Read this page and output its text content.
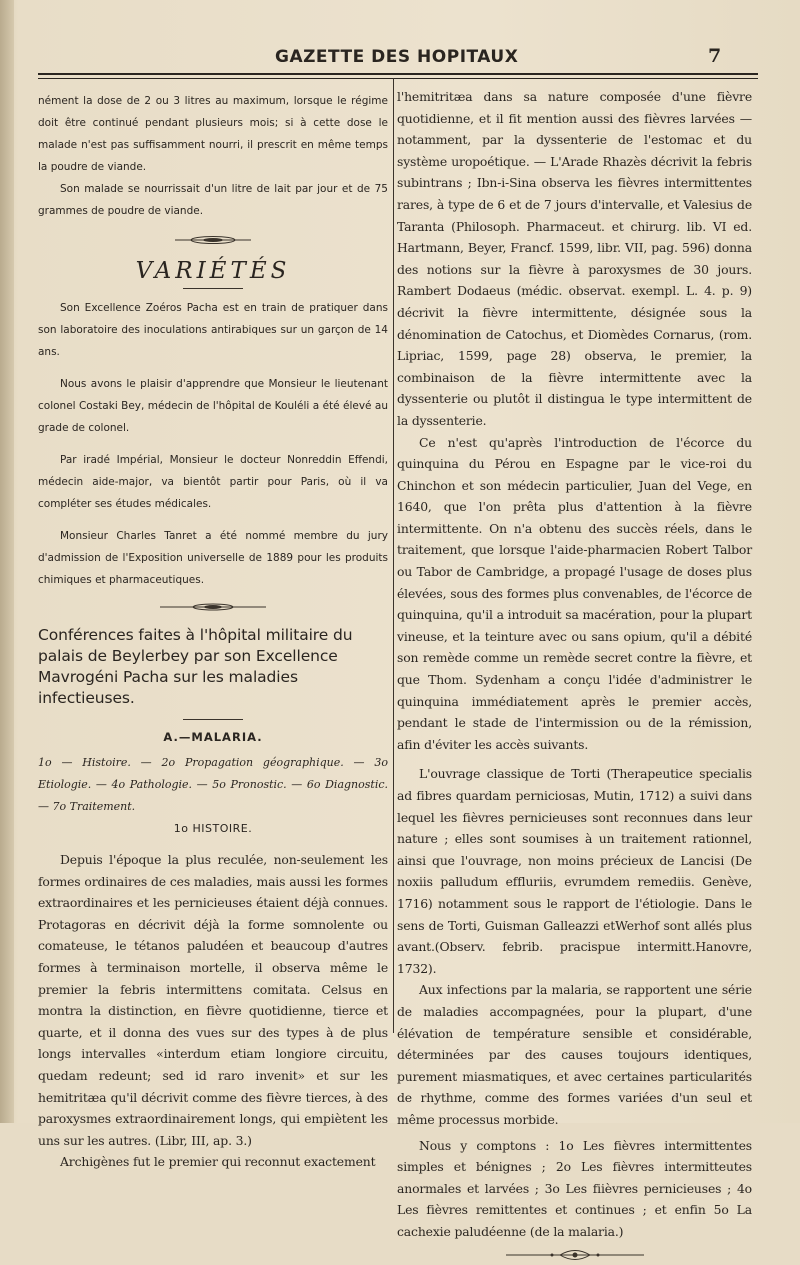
GAZETTE DES HOPITAUX	7

nément la dose de 2 ou 3 litres au maximum, lorsque le régime doit être continué pendant plusieurs mois; si à cette dose le malade n'est pas suffisamment nourri, il prescrit en même temps la poudre de viande.

Son malade se nourrissait d'un litre de lait par jour et de 75 grammes de poudre de viande.

VARIÉTÉS

Son Excellence Zoéros Pacha est en train de pratiquer dans son laboratoire des inoculations antirabiques sur un garçon de 14 ans.

Nous avons le plaisir d'apprendre que Monsieur le lieutenant colonel Costaki Bey, médecin de l'hôpital de Kouléli a été élevé au grade de colonel.

Par iradé Impérial, Monsieur le docteur Nonreddin Effendi, médecin aide-major, va bientôt partir pour Paris, où il va compléter ses études médicales.

Monsieur Charles Tanret a été nommé membre du jury d'admission de l'Exposition universelle de 1889 pour les produits chimiques et pharmaceutiques.

Conférences faites à l'hôpital militaire du palais de Beylerbey par son Excellence Mavrogéni Pacha sur les maladies infectieuses.
A.—MALARIA.

1o — Histoire. — 2o Propagation géographique. — 3o Etiologie. — 4o Pathologie. — 5o Pronostic. — 6o Diagnostic. — 7o Traitement.

1o HISTOIRE.

Depuis l'époque la plus reculée, non-seulement les formes ordinaires de ces maladies, mais aussi les formes extraordinaires et les pernicieuses étaient déjà connues. Protagoras en décrivit déjà la forme somnolente ou comateuse, le tétanos paludéen et beaucoup d'autres formes à terminaison mortelle, il observa même le premier la febris intermittens comitata. Celsus en montra la distinction, en fièvre quotidienne, tierce et quarte, et il donna des vues sur des types à de plus longs intervalles «interdum etiam longiore circuitu, quedam redeunt; sed id raro invenit» et sur les hemitritæa qu'il décrivit comme des fièvre tierces, à des paroxysmes extraordinairement longs, qui empiètent les uns sur les autres. (Libr, III, ap. 3.)

Archigènes fut le premier qui reconnut exactement

l'hemitritæa dans sa nature composée d'une fièvre quotidienne, et il fit mention aussi des fièvres larvées — notamment, par la dyssenterie de l'estomac et du système uropoétique. — L'Arade Rhazès décrivit la febris subintrans ; Ibn-i-Sina observa les fièvres intermittentes rares, à type de 6 et de 7 jours d'intervalle, et Valesius de Taranta (Philosoph. Pharmaceut. et chirurg. lib. VI ed. Hartmann, Beyer, Francf. 1599, libr. VII, pag. 596) donna des notions sur la fièvre à paroxysmes de 30 jours. Rambert Dodaeus (médic. observat. exempl. L. 4. p. 9) décrivit la fièvre intermittente, désignée sous la dénomination de Catochus, et Diomèdes Cornarus, (rom. Lipriac, 1599, page 28) observa, le premier, la combinaison de la fièvre intermittente avec la dyssenterie ou plutôt il distingua le type intermittent de la dyssenterie.

Ce n'est qu'après l'introduction de l'écorce du quinquina du Pérou en Espagne par le vice-roi du Chinchon et son médecin particulier, Juan del Vege, en 1640, que l'on prêta plus d'attention à la fièvre intermittente. On n'a obtenu des succès réels, dans le traitement, que lorsque l'aide-pharmacien Robert Talbor ou Tabor de Cambridge, a propagé l'usage de doses plus élevées, sous des formes plus convenables, de l'écorce de quinquina, qu'il a introduit sa macération, pour la plupart vineuse, et la teinture avec ou sans opium, qu'il a débité son remède comme un remède secret contre la fièvre, et que Thom. Sydenham a conçu l'idée d'administrer le quinquina immédiatement après le premier accès, pendant le stade de l'intermission ou de la rémission, afin d'éviter les accès suivants.

L'ouvrage classique de Torti (Therapeutice specialis ad fibres quardam perniciosas, Mutin, 1712) a suivi dans lequel les fièvres pernicieuses sont reconnues dans leur nature ; elles sont soumises à un traitement rationnel, ainsi que l'ouvrage, non moins précieux de Lancisi (De noxiis palludum effluriis, evrumdem remediis. Genève, 1716) notamment sous le rapport de l'étiologie. Dans le sens de Torti, Guisman Galleazzi etWerhof sont allés plus avant.(Observ. febrib. pracispue intermitt.Hanovre, 1732).

Aux infections par la malaria, se rapportent une série de maladies accompagnées, pour la plupart, d'une élévation de température sensible et considérable, déterminées par des causes toujours identiques, purement miasmatiques, et avec certaines particularités de rhythme, comme des formes variées d'un seul et même processus morbide.

Nous y comptons : 1o Les fièvres intermittentes simples et bénignes ; 2o Les fièvres intermitteutes anormales et larvées ; 3o Les fiièvres pernicieuses ; 4o Les fièvres remittentes et continues ; et enfin 5o La cachexie paludéenne (de la malaria.)
